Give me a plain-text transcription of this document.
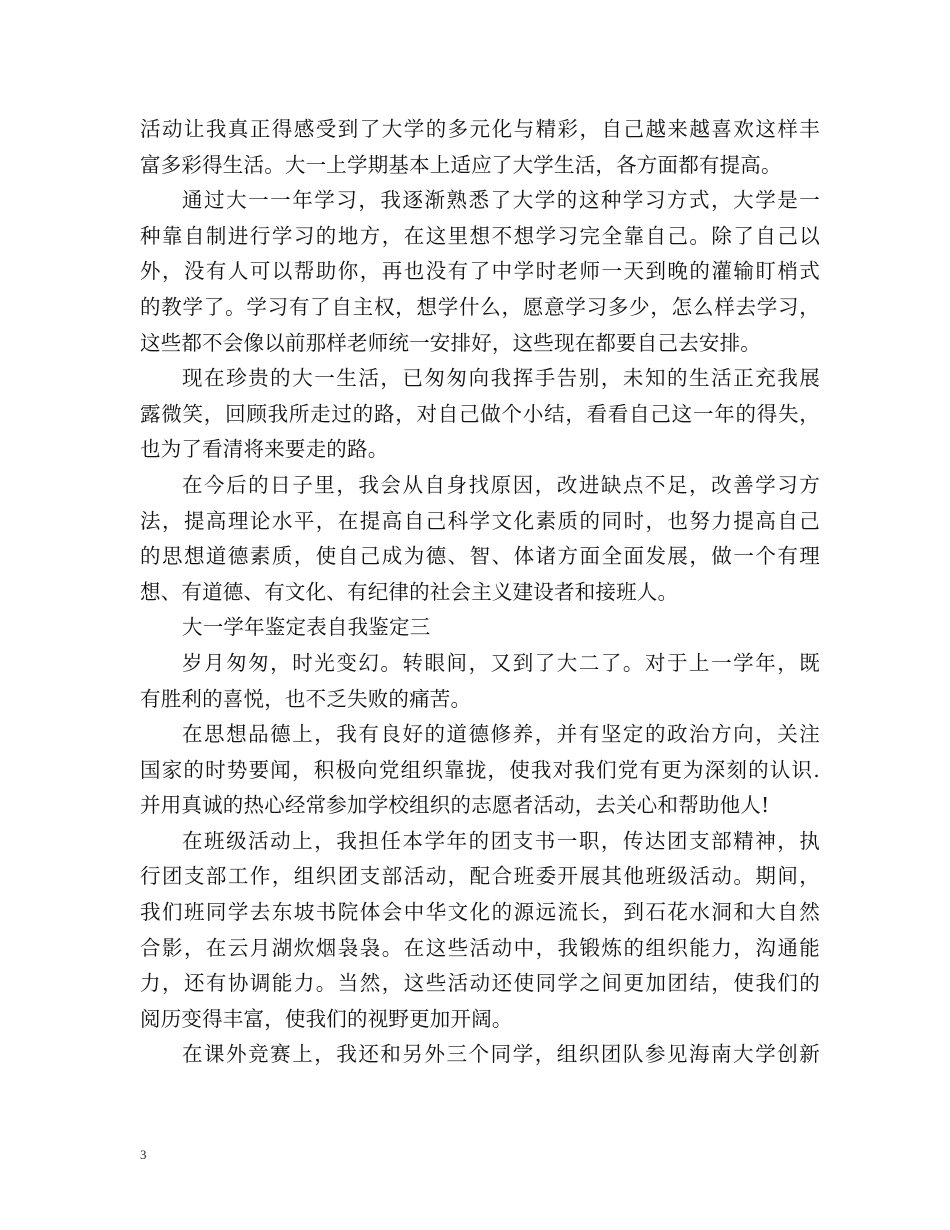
活动让我真正得感受到了大学的多元化与精彩，自己越来越喜欢这样丰
富多彩得生活。大一上学期基本上适应了大学生活，各方面都有提高。
通过大一一年学习，我逐渐熟悉了大学的这种学习方式，大学是一
种靠自制进行学习的地方，在这里想不想学习完全靠自己。除了自己以
外，没有人可以帮助你，再也没有了中学时老师一天到晚的灌输盯梢式
的教学了。学习有了自主权，想学什么，愿意学习多少，怎么样去学习，
这些都不会像以前那样老师统一安排好，这些现在都要自己去安排。
现在珍贵的大一生活，已匆匆向我挥手告别，未知的生活正充我展
露微笑，回顾我所走过的路，对自己做个小结，看看自己这一年的得失，
也为了看清将来要走的路。
在今后的日子里，我会从自身找原因，改进缺点不足，改善学习方
法，提高理论水平，在提高自己科学文化素质的同时，也努力提高自己
的思想道德素质，使自己成为德、智、体诸方面全面发展，做一个有理
想、有道德、有文化、有纪律的社会主义建设者和接班人。
大一学年鉴定表自我鉴定三
岁月匆匆，时光变幻。转眼间，又到了大二了。对于上一学年，既
有胜利的喜悦，也不乏失败的痛苦。
在思想品德上，我有良好的道德修养，并有坚定的政治方向，关注
国家的时势要闻，积极向党组织靠拢，使我对我们党有更为深刻的认识.
并用真诚的热心经常参加学校组织的志愿者活动，去关心和帮助他人!
在班级活动上，我担任本学年的团支书一职，传达团支部精神，执
行团支部工作，组织团支部活动，配合班委开展其他班级活动。期间，
我们班同学去东坡书院体会中华文化的源远流长，到石花水洞和大自然
合影，在云月湖炊烟袅袅。在这些活动中，我锻炼的组织能力，沟通能
力，还有协调能力。当然，这些活动还使同学之间更加团结，使我们的
阅历变得丰富，使我们的视野更加开阔。
在课外竞赛上，我还和另外三个同学，组织团队参见海南大学创新
3
